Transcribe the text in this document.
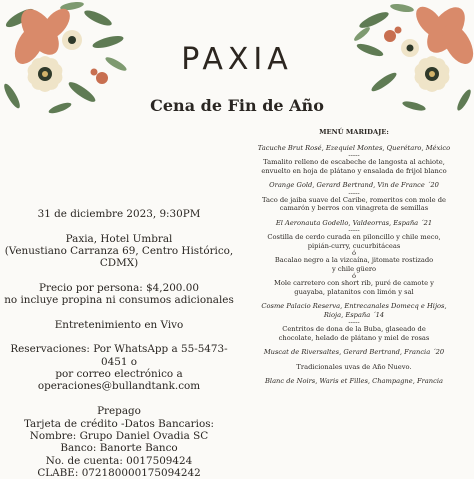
PAXIA
Cena de Fin de Año

31 de diciembre 2023, 9:30PM

Paxia, Hotel Umbral
(Venustiano Carranza 69, Centro Histórico, CDMX)

Precio por persona: $4,200.00
no incluye propina ni consumos adicionales

Entretenimiento en Vivo

Reservaciones: Por WhatsApp a 55-5473-0451 o
por correo electrónico a
operaciones@bullandtank.com

Prepago

Tarjeta de crédito -Datos Bancarios:

Nombre: Grupo Daniel Ovadia SC

Banco: Banorte Banco

No. de cuenta: 0017509424

CLABE: 072180000175094242

MENÚ MARIDAJE:

Tacuche Brut Rosé, Ezequiel Montes, Querétaro, México

-----

Tamalito relleno de escabeche de langosta al achiote,
envuelto en hoja de plátano y ensalada de frijol blanco

Orange Gold, Gerard Bertrand, Vin de France ´20

-----

Taco de jaiba suave del Caribe, romeritos con mole de
camarón y berros con vinagreta de semillas

El Aeronauta Godello, Valdeorras, España ´21

-----

Costilla de cerdo curada en piloncillo y chile meco,
pipián-curry, cucurbitáceas

ó

Bacalao negro a la vizcaína, jitomate rostizado
y chile güero

ó

Mole carretero con short rib, puré de camote y
guayaba, platanitos con limón y sal

Cosme Palacio Reserva, Entrecanales Domecq e Hijos,
Rioja, España ´14

-----

Centritos de dona de la Buba, glaseado de
chocolate, helado de plátano y miel de rosas

Muscat de Riversaltes, Gerard Bertrand, Francia ´20

Tradicionales uvas de Año Nuevo.

Blanc de Noirs, Waris et Filles, Champagne, Francia
